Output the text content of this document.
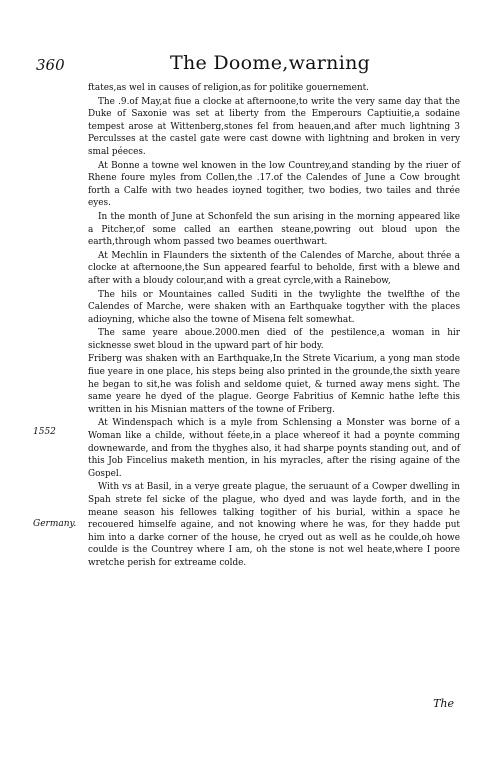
360	The Doome,warning

ftates,as wel in causes of religion,as for politike gouernement.

The .9.of May,at fiue a clocke at afternoone,to write the very same day that the Duke of Saxonie was set at liberty from the Emperours Captiuitie,a sodaine tempest arose at Wittenberg,stones fel from heauen,and after much lightning 3 Perculsses at the castel gate were cast downe with lightning and broken in very smal péeces.

At Bonne a towne wel knowen in the low Countrey,and standing by the riuer of Rhene foure myles from Collen,the .17.of the Calendes of June a Cow brought forth a Calfe with two heades ioyned togither, two bodies, two tailes and thrée eyes.

In the month of June at Schonfeld the sun arising in the morning appeared like a Pitcher,of some called an earthen steane,powring out bloud upon the earth,through whom passed two beames ouerthwart.

At Mechlin in Flaunders the sixtenth of the Calendes of Marche, about thrée a clocke at afternoone,the Sun appeared fearful to beholde, first with a blewe and after with a bloudy colour,and with a great cyrcle,with a Rainebow,

The hils or Mountaines called Suditi in the twylighte the twelfthe of the Calendes of Marche, were shaken with an Earthquake togyther with the places adioyning, whiche also the towne of Misena felt somewhat.

The same yeare abouе.2000.men died of the pestilence,a woman in hir sicknesse swet bloud in the upward part of hir body.

Friberg was shaken with an Earthquake,In the Strete Vicarium, a yong man stode fiue yeare in one place, his steps being also printed in the grounde,the sixth yeare he began to sit,he was folish and seldome quiet, & turned away mens sight. The same yeare he dyed of the plague. George Fabritius of Kemnic hathe lefte this written in his Misnian matters of the towne of Friberg.

At Windenspach which is a myle from Schlensing a Monster was borne of a Woman like a childe, without féete,in a place whereof it had a poynte comming downewarde, and from the thyghes also, it had sharpe poynts standing out, and of this Job Fincelius maketh mention, in his myracles, after the rising againe of the Gospel.

With vs at Basil, in a verye greate plague, the seruaunt of a Cowper dwelling in Spah strete fel sicke of the plague, who dyed and was layde forth, and in the meane season his fellowes talking togither of his burial, within a space he recouered himselfe againe, and not knowing where he was, for they hadde put him into a darke corner of the house, he cryed out as well as he coulde,oh howe coulde is the Countrey where I am, oh the stone is not wel heate,where I poore wretche perish for extreame colde.

1552
Germany.
The
